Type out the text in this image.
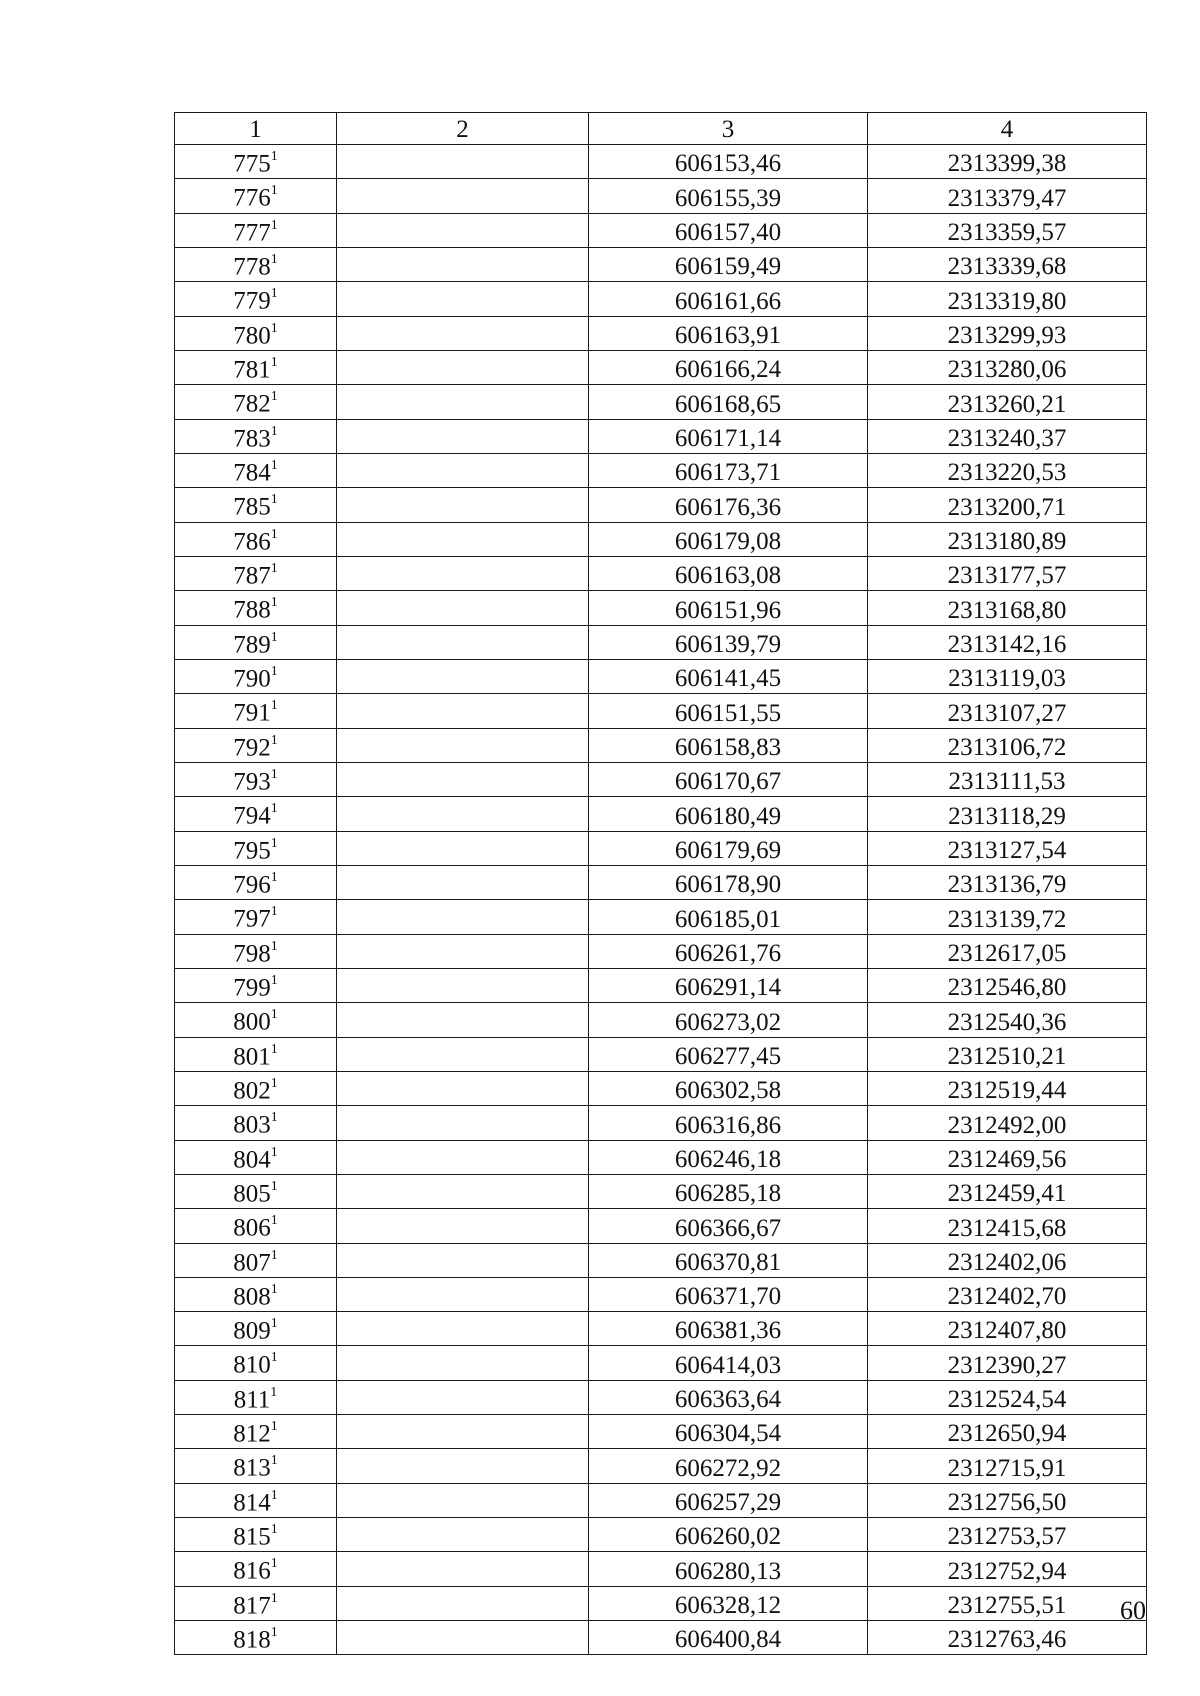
1	2	3	4
$775^1$		606153,46	2313399,38
$776^1$		606155,39	2313379,47
$777^1$		606157,40	2313359,57
$778^1$		606159,49	2313339,68
$779^1$		606161,66	2313319,80
$780^1$		606163,91	2313299,93
$781^1$		606166,24	2313280,06
$782^1$		606168,65	2313260,21
$783^1$		606171,14	2313240,37
$784^1$		606173,71	2313220,53
$785^1$		606176,36	2313200,71
$786^1$		606179,08	2313180,89
$787^1$		606163,08	2313177,57
$788^1$		606151,96	2313168,80
$789^1$		606139,79	2313142,16
$790^1$		606141,45	2313119,03
$791^1$		606151,55	2313107,27
$792^1$		606158,83	2313106,72
$793^1$		606170,67	2313111,53
$794^1$		606180,49	2313118,29
$795^1$		606179,69	2313127,54
$796^1$		606178,90	2313136,79
$797^1$		606185,01	2313139,72
$798^1$		606261,76	2312617,05
$799^1$		606291,14	2312546,80
$800^1$		606273,02	2312540,36
$801^1$		606277,45	2312510,21
$802^1$		606302,58	2312519,44
$803^1$		606316,86	2312492,00
$804^1$		606246,18	2312469,56
$805^1$		606285,18	2312459,41
$806^1$		606366,67	2312415,68
$807^1$		606370,81	2312402,06
$808^1$		606371,70	2312402,70
$809^1$		606381,36	2312407,80
$810^1$		606414,03	2312390,27
$811^1$		606363,64	2312524,54
$812^1$		606304,54	2312650,94
$813^1$		606272,92	2312715,91
$814^1$		606257,29	2312756,50
$815^1$		606260,02	2312753,57
$816^1$		606280,13	2312752,94
$817^1$		606328,12	2312755,51
$818^1$		606400,84	2312763,46
60
